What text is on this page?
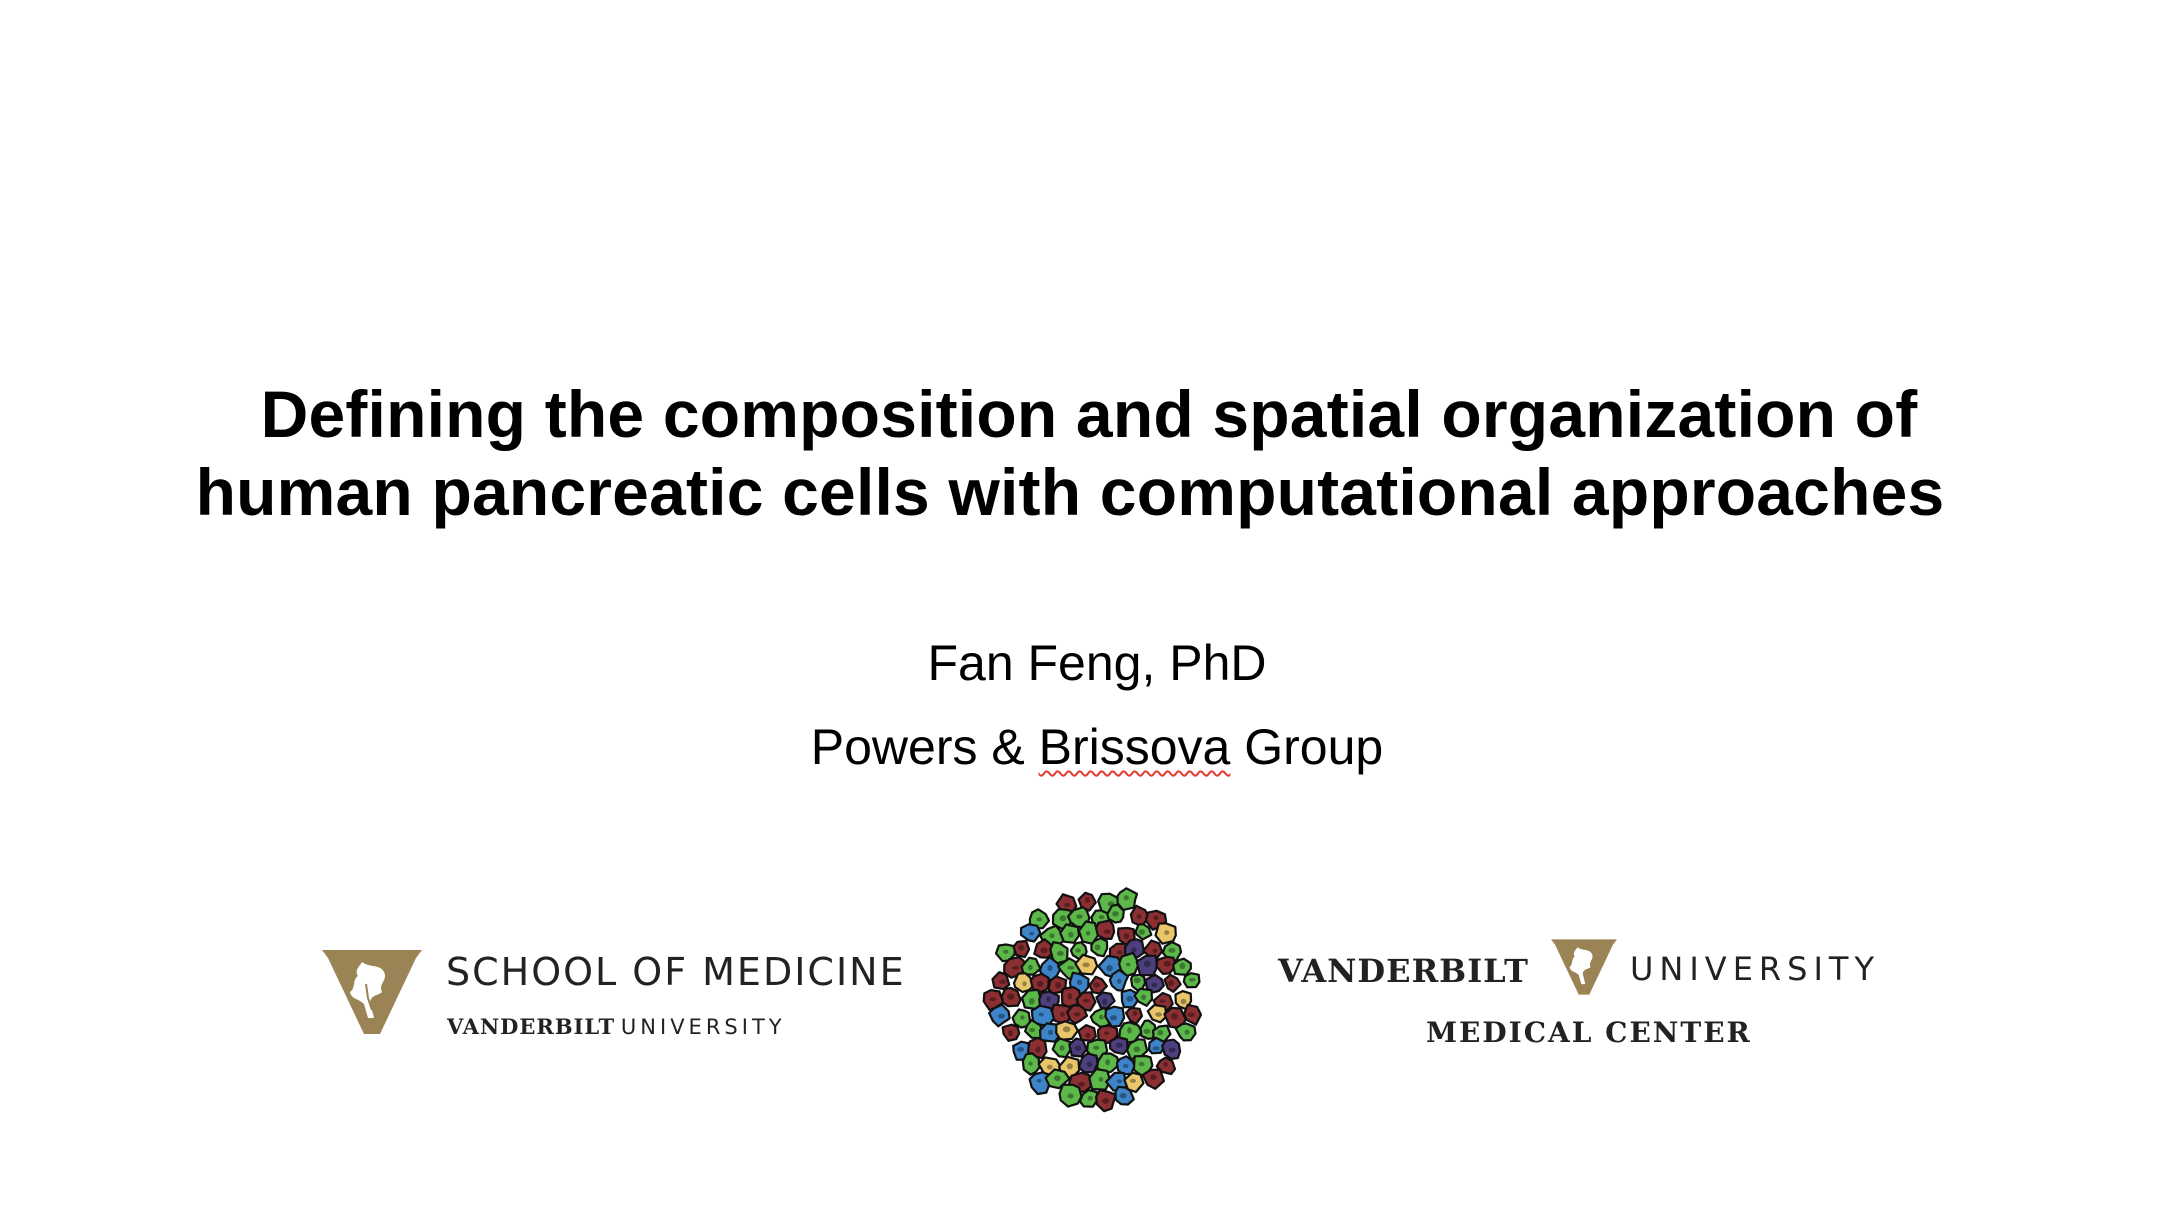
Defining the composition and spatial organization of
human pancreatic cells with computational approaches
Fan Feng, PhD
Powers & Brissova Group
SCHOOL OF MEDICINE
VANDERBILT UNIVERSITY
VANDERBILT	UNIVERSITY
MEDICAL CENTER
